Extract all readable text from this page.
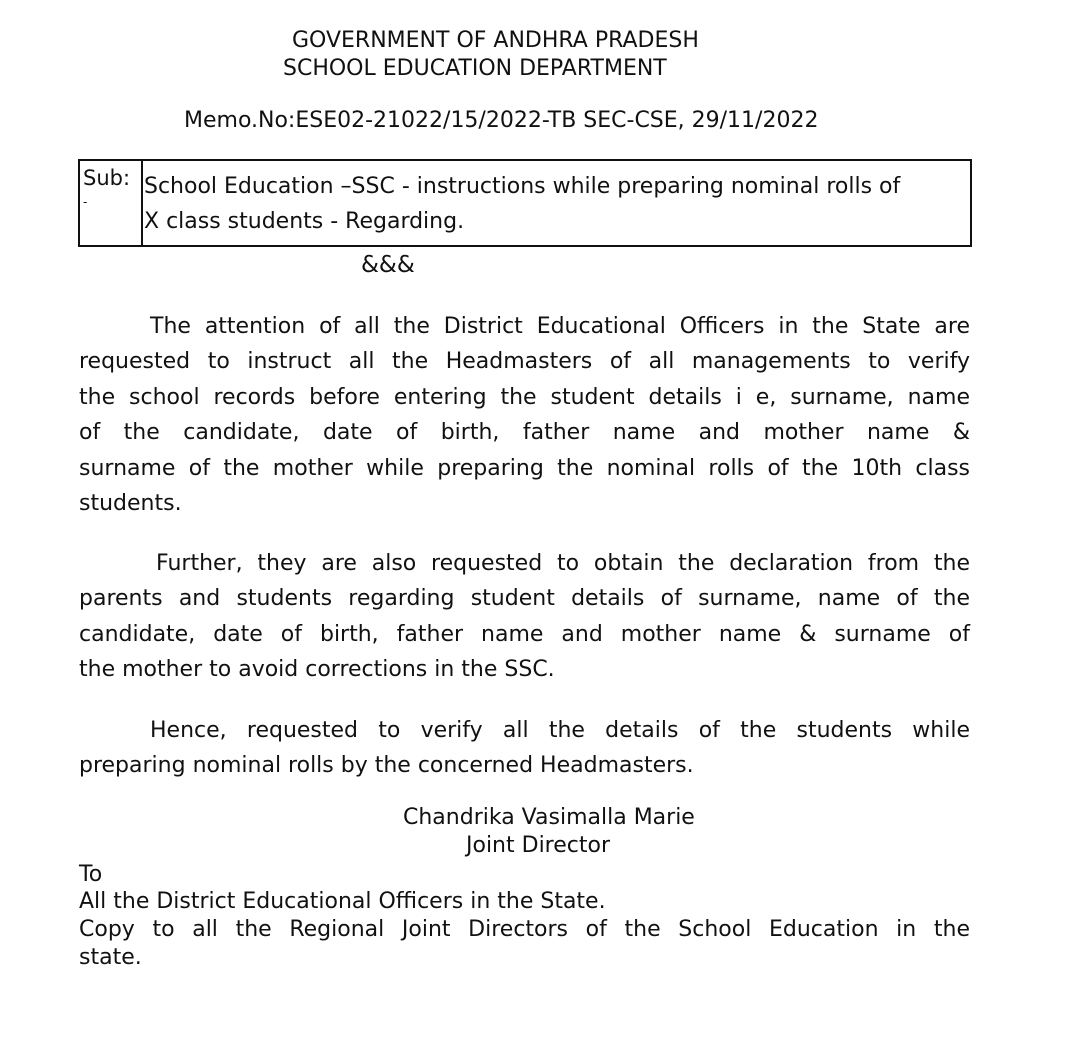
GOVERNMENT OF ANDHRA PRADESH
SCHOOL EDUCATION DEPARTMENT
Memo.No:ESE02-21022/15/2022-TB SEC-CSE, 29/11/2022
Sub:
-
School Education –SSC - instructions while preparing nominal rolls of
X class students - Regarding.
&&&
The attention of all the District Educational Officers in the State are
requested to instruct all the Headmasters of all managements to verify
the school records before entering the student details i e, surname, name
of the candidate, date of birth, father name and mother name &
surname of the mother while preparing the nominal rolls of the 10th class
students.
Further, they are also requested to obtain the declaration from the
parents and students regarding student details of surname, name of the
candidate, date of birth, father name and mother name & surname of
the mother to avoid corrections in the SSC.
Hence, requested to verify all the details of the students while
preparing nominal rolls by the concerned Headmasters.
Chandrika Vasimalla Marie
Joint Director
To
All the District Educational Officers in the State.
Copy to all the Regional Joint Directors of the School Education in the
state.
